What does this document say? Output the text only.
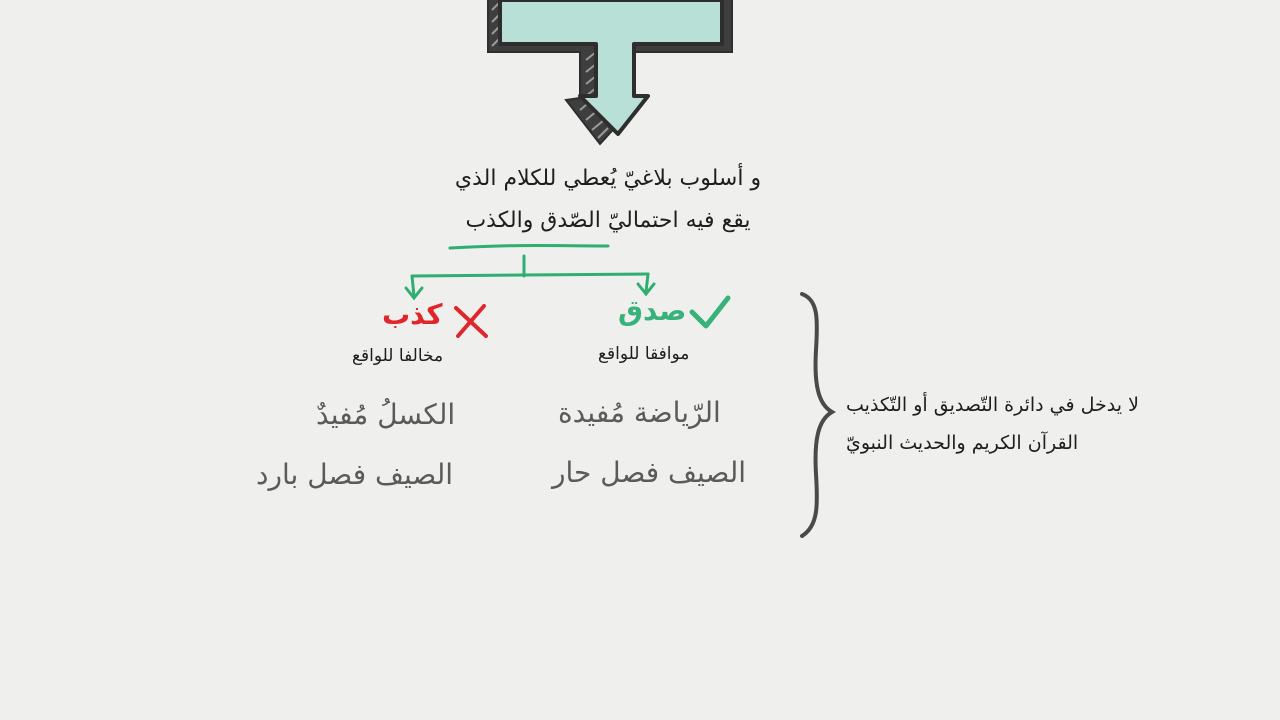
و أسلوب بلاغيّ يُعطي للكلام الذي
يقع فيه احتماليّ الصّدق والكذب
صدق
موافقا للواقع
الرّياضة مُفيدة
الصيف فصل حار
كذب
مخالفا للواقع
الكسلُ مُفيدٌ
الصيف فصل بارد
لا يدخل في دائرة التّصديق أو التّكذيب
القرآن الكريم والحديث النبويّ
